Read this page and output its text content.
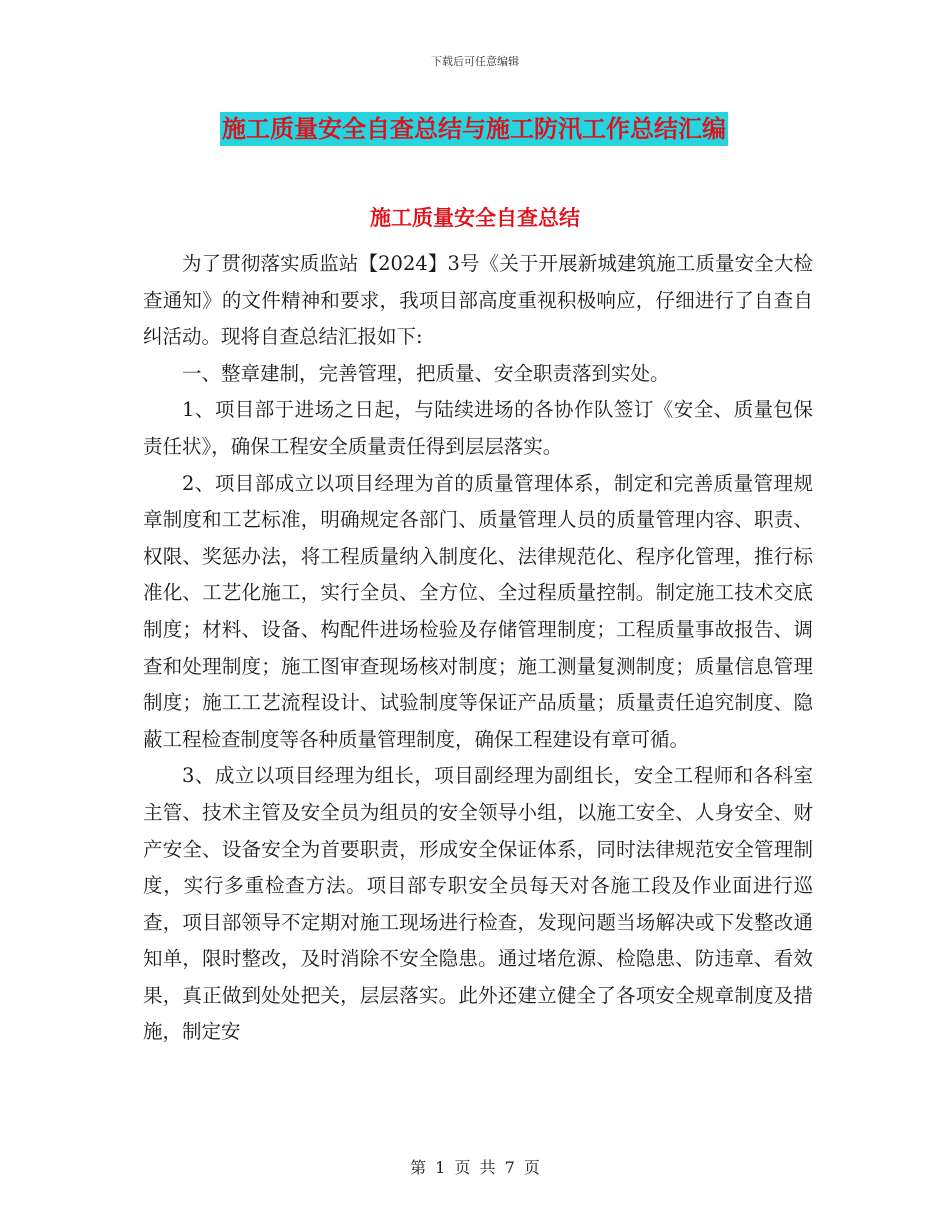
下载后可任意编辑
施工质量安全自查总结与施工防汛工作总结汇编
施工质量安全自查总结

为了贯彻落实质监站【2024】3号《关于开展新城建筑施工质量安全大检查通知》的文件精神和要求，我项目部高度重视积极响应，仔细进行了自查自纠活动。现将自查总结汇报如下:

一、整章建制，完善管理，把质量、安全职责落到实处。

1、项目部于进场之日起，与陆续进场的各协作队签订《安全、质量包保责任状》，确保工程安全质量责任得到层层落实。

2、项目部成立以项目经理为首的质量管理体系，制定和完善质量管理规章制度和工艺标准，明确规定各部门、质量管理人员的质量管理内容、职责、权限、奖惩办法，将工程质量纳入制度化、法律规范化、程序化管理，推行标准化、工艺化施工，实行全员、全方位、全过程质量控制。制定施工技术交底制度；材料、设备、构配件进场检验及存储管理制度；工程质量事故报告、调查和处理制度；施工图审查现场核对制度；施工测量复测制度；质量信息管理制度；施工工艺流程设计、试验制度等保证产品质量；质量责任追究制度、隐蔽工程检查制度等各种质量管理制度，确保工程建设有章可循。

3、成立以项目经理为组长，项目副经理为副组长，安全工程师和各科室主管、技术主管及安全员为组员的安全领导小组，以施工安全、人身安全、财产安全、设备安全为首要职责，形成安全保证体系，同时法律规范安全管理制度，实行多重检查方法。项目部专职安全员每天对各施工段及作业面进行巡查，项目部领导不定期对施工现场进行检查，发现问题当场解决或下发整改通知单，限时整改，及时消除不安全隐患。通过堵危源、检隐患、防违章、看效果，真正做到处处把关，层层落实。此外还建立健全了各项安全规章制度及措施，制定安

第 1 页 共 7 页
